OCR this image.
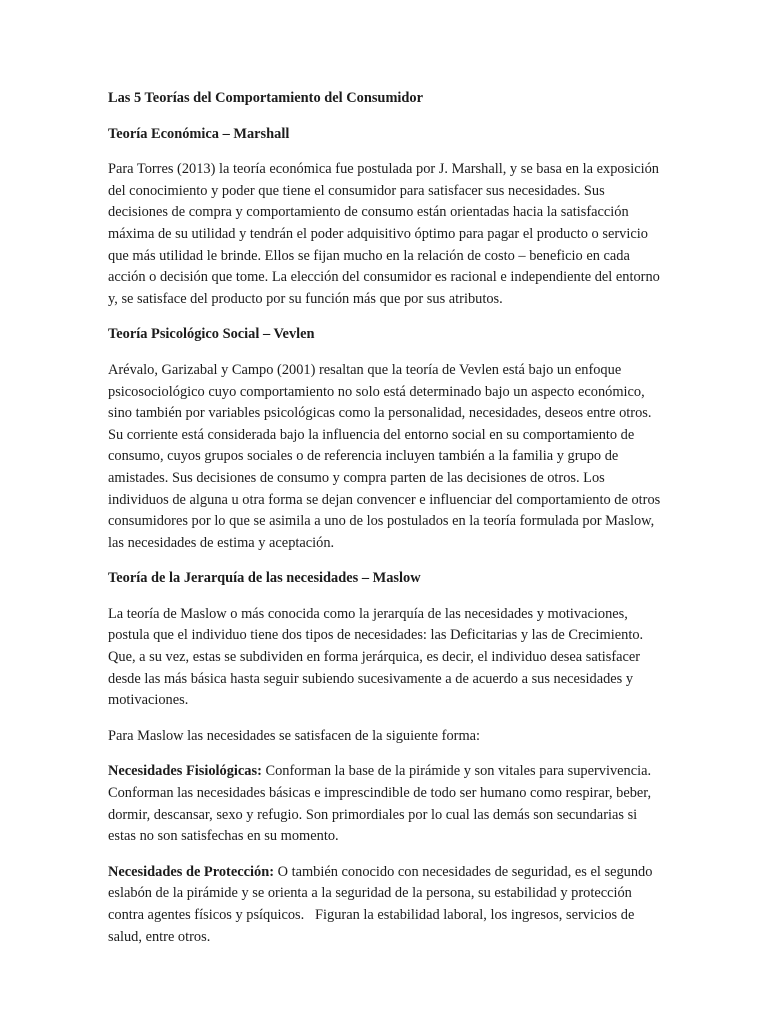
Las 5 Teorías del Comportamiento del Consumidor
Teoría Económica – Marshall

Para Torres (2013) la teoría económica fue postulada por J. Marshall, y se basa en la exposición del conocimiento y poder que tiene el consumidor para satisfacer sus necesidades. Sus decisiones de compra y comportamiento de consumo están orientadas hacia la satisfacción máxima de su utilidad y tendrán el poder adquisitivo óptimo para pagar el producto o servicio que más utilidad le brinde. Ellos se fijan mucho en la relación de costo – beneficio en cada acción o decisión que tome. La elección del consumidor es racional e independiente del entorno y, se satisface del producto por su función más que por sus atributos.

Teoría Psicológico Social – Vevlen

Arévalo, Garizabal y Campo (2001) resaltan que la teoría de Vevlen está bajo un enfoque psicosociológico cuyo comportamiento no solo está determinado bajo un aspecto económico, sino también por variables psicológicas como la personalidad, necesidades, deseos entre otros. Su corriente está considerada bajo la influencia del entorno social en su comportamiento de consumo, cuyos grupos sociales o de referencia incluyen también a la familia y grupo de amistades. Sus decisiones de consumo y compra parten de las decisiones de otros. Los individuos de alguna u otra forma se dejan convencer e influenciar del comportamiento de otros consumidores por lo que se asimila a uno de los postulados en la teoría formulada por Maslow, las necesidades de estima y aceptación.

Teoría de la Jerarquía de las necesidades – Maslow

La teoría de Maslow o más conocida como la jerarquía de las necesidades y motivaciones, postula que el individuo tiene dos tipos de necesidades: las Deficitarias y las de Crecimiento. Que, a su vez, estas se subdividen en forma jerárquica, es decir, el individuo desea satisfacer desde las más básica hasta seguir subiendo sucesivamente a de acuerdo a sus necesidades y motivaciones.

Para Maslow las necesidades se satisfacen de la siguiente forma:

Necesidades Fisiológicas: Conforman la base de la pirámide y son vitales para supervivencia. Conforman las necesidades básicas e imprescindible de todo ser humano como respirar, beber, dormir, descansar, sexo y refugio. Son primordiales por lo cual las demás son secundarias si estas no son satisfechas en su momento.

Necesidades de Protección: O también conocido con necesidades de seguridad, es el segundo eslabón de la pirámide y se orienta a la seguridad de la persona, su estabilidad y protección contra agentes físicos y psíquicos.   Figuran la estabilidad laboral, los ingresos, servicios de salud, entre otros.
